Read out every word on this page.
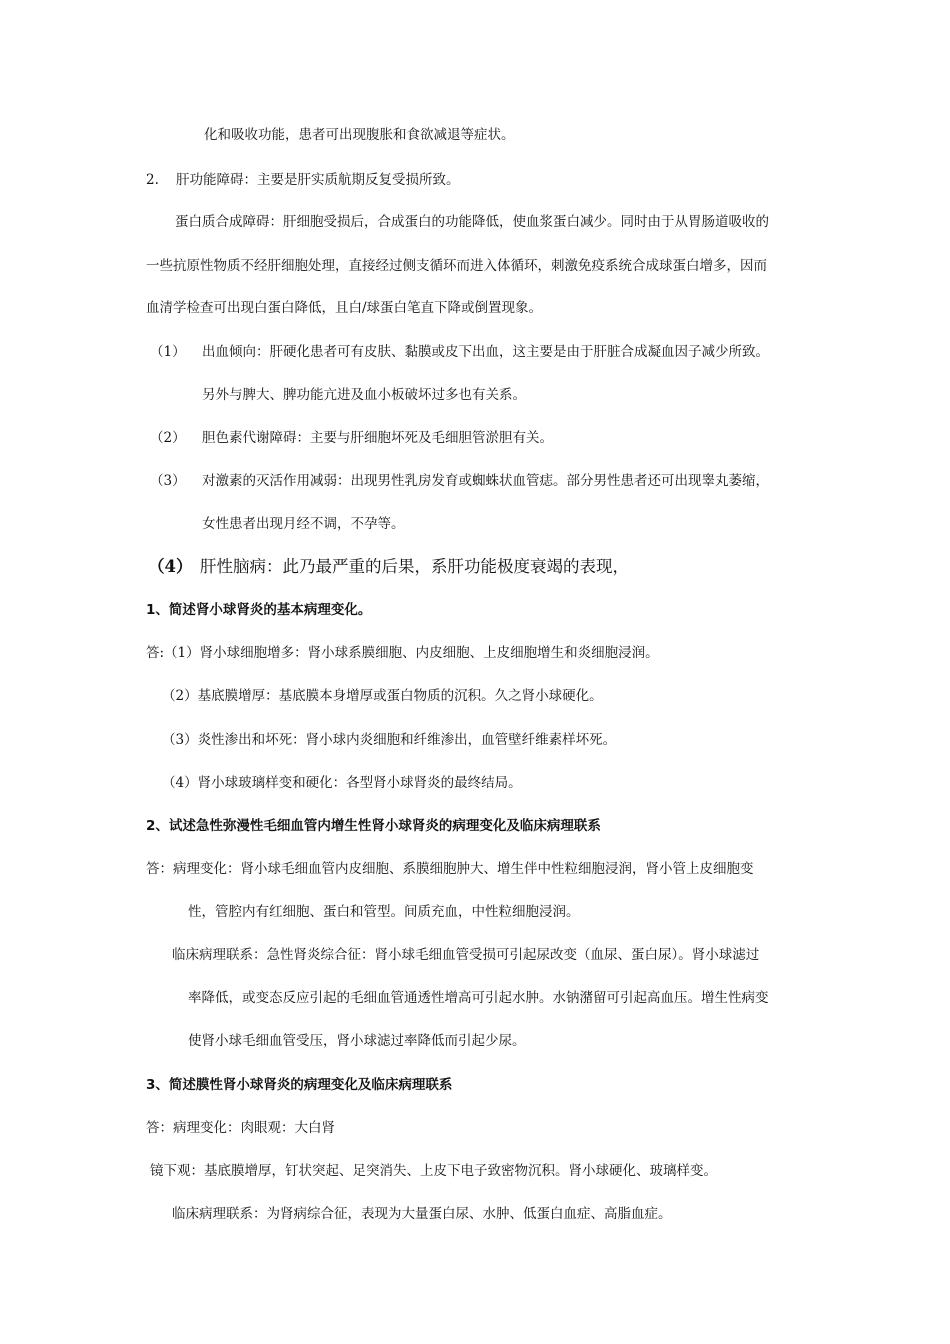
化和吸收功能，患者可出现腹胀和食欲减退等症状。
2. 肝功能障碍：主要是肝实质航期反复受损所致。
蛋白质合成障碍：肝细胞受损后，合成蛋白的功能降低，使血浆蛋白减少。同时由于从胃肠道吸收的
一些抗原性物质不经肝细胞处理，直接经过侧支循环而进入体循环，刺激免疫系统合成球蛋白增多，因而
血清学检查可出现白蛋白降低，且白/球蛋白笔直下降或倒置现象。
（1） 出血倾向：肝硬化患者可有皮肤、黏膜或皮下出血，这主要是由于肝脏合成凝血因子减少所致。
另外与脾大、脾功能亢进及血小板破坏过多也有关系。
（2） 胆色素代谢障碍：主要与肝细胞坏死及毛细胆管淤胆有关。
（3） 对激素的灭活作用减弱：出现男性乳房发育或蜘蛛状血管痣。部分男性患者还可出现睾丸萎缩，
女性患者出现月经不调，不孕等。
（4） 肝性脑病：此乃最严重的后果，系肝功能极度衰竭的表现，
1、简述肾小球肾炎的基本病理变化。
答:（1）肾小球细胞增多：肾小球系膜细胞、内皮细胞、上皮细胞增生和炎细胞浸润。
（2）基底膜增厚：基底膜本身增厚或蛋白物质的沉积。久之肾小球硬化。
（3）炎性渗出和坏死：肾小球内炎细胞和纤维渗出，血管壁纤维素样坏死。
（4）肾小球玻璃样变和硬化：各型肾小球肾炎的最终结局。
2、试述急性弥漫性毛细血管内增生性肾小球肾炎的病理变化及临床病理联系
答：病理变化：肾小球毛细血管内皮细胞、系膜细胞肿大、增生伴中性粒细胞浸润，肾小管上皮细胞变
性，管腔内有红细胞、蛋白和管型。间质充血，中性粒细胞浸润。
临床病理联系：急性肾炎综合征：肾小球毛细血管受损可引起尿改变（血尿、蛋白尿）。肾小球滤过
率降低，或变态反应引起的毛细血管通透性增高可引起水肿。水钠潴留可引起高血压。增生性病变
使肾小球毛细血管受压，肾小球滤过率降低而引起少尿。
3、简述膜性肾小球肾炎的病理变化及临床病理联系
答：病理变化：肉眼观：大白肾
镜下观：基底膜增厚，钉状突起、足突消失、上皮下电子致密物沉积。肾小球硬化、玻璃样变。
临床病理联系：为肾病综合征，表现为大量蛋白尿、水肿、低蛋白血症、高脂血症。
